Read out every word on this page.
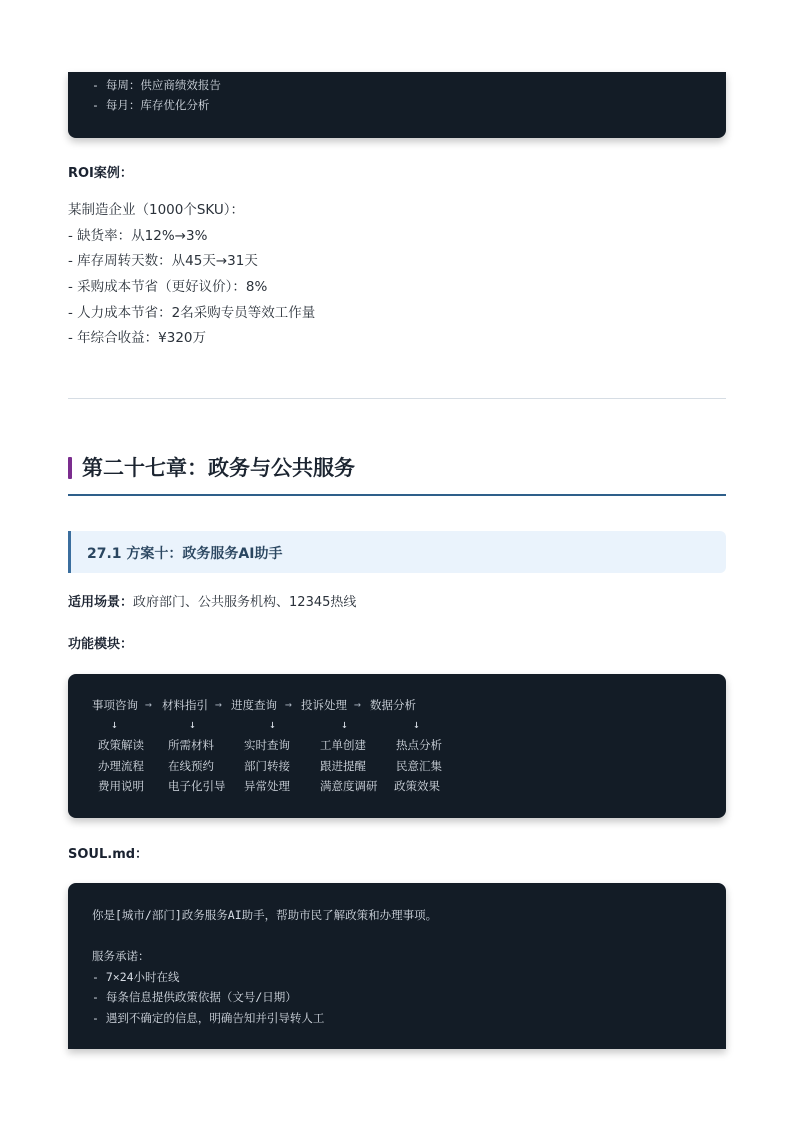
- 每周：供应商绩效报告
- 每月：库存优化分析
ROI案例：
某制造企业（1000个SKU）：
- 缺货率：从12%→3%
- 库存周转天数：从45天→31天
- 采购成本节省（更好议价）：8%
- 人力成本节省：2名采购专员等效工作量
- 年综合收益：¥320万
第二十七章：政务与公共服务
27.1 方案十：政务服务AI助手
适用场景：政府部门、公共服务机构、12345热线
功能模块：
事项咨询 → 材料指引 → 进度查询 → 投诉处理 → 数据分析
↓	↓	↓	↓	↓
政策解读 所需材料	实时查询	工单创建	热点分析
办理流程 在线预约	部门转接	跟进提醒	民意汇集
费用说明 电子化引导 异常处理	满意度调研 政策效果
SOUL.md：
你是[城市/部门]政务服务AI助手，帮助市民了解政策和办理事项。
服务承诺：
- 7×24小时在线
- 每条信息提供政策依据（文号/日期）
- 遇到不确定的信息，明确告知并引导转人工
